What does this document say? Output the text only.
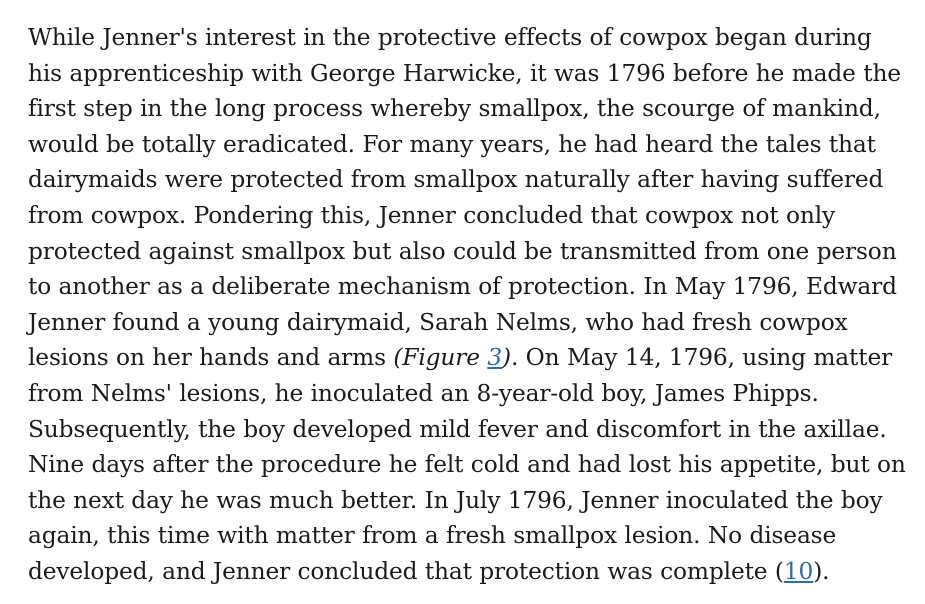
While Jenner's interest in the protective effects of cowpox began during his apprenticeship with George Harwicke, it was 1796 before he made the first step in the long process whereby smallpox, the scourge of mankind, would be totally eradicated. For many years, he had heard the tales that dairymaids were protected from smallpox naturally after having suffered from cowpox. Pondering this, Jenner concluded that cowpox not only protected against smallpox but also could be transmitted from one person to another as a deliberate mechanism of protection. In May 1796, Edward Jenner found a young dairymaid, Sarah Nelms, who had fresh cowpox lesions on her hands and arms (Figure 3). On May 14, 1796, using matter from Nelms' lesions, he inoculated an 8-year-old boy, James Phipps. Subsequently, the boy developed mild fever and discomfort in the axillae. Nine days after the procedure he felt cold and had lost his appetite, but on the next day he was much better. In July 1796, Jenner inoculated the boy again, this time with matter from a fresh smallpox lesion. No disease developed, and Jenner concluded that protection was complete (10).
